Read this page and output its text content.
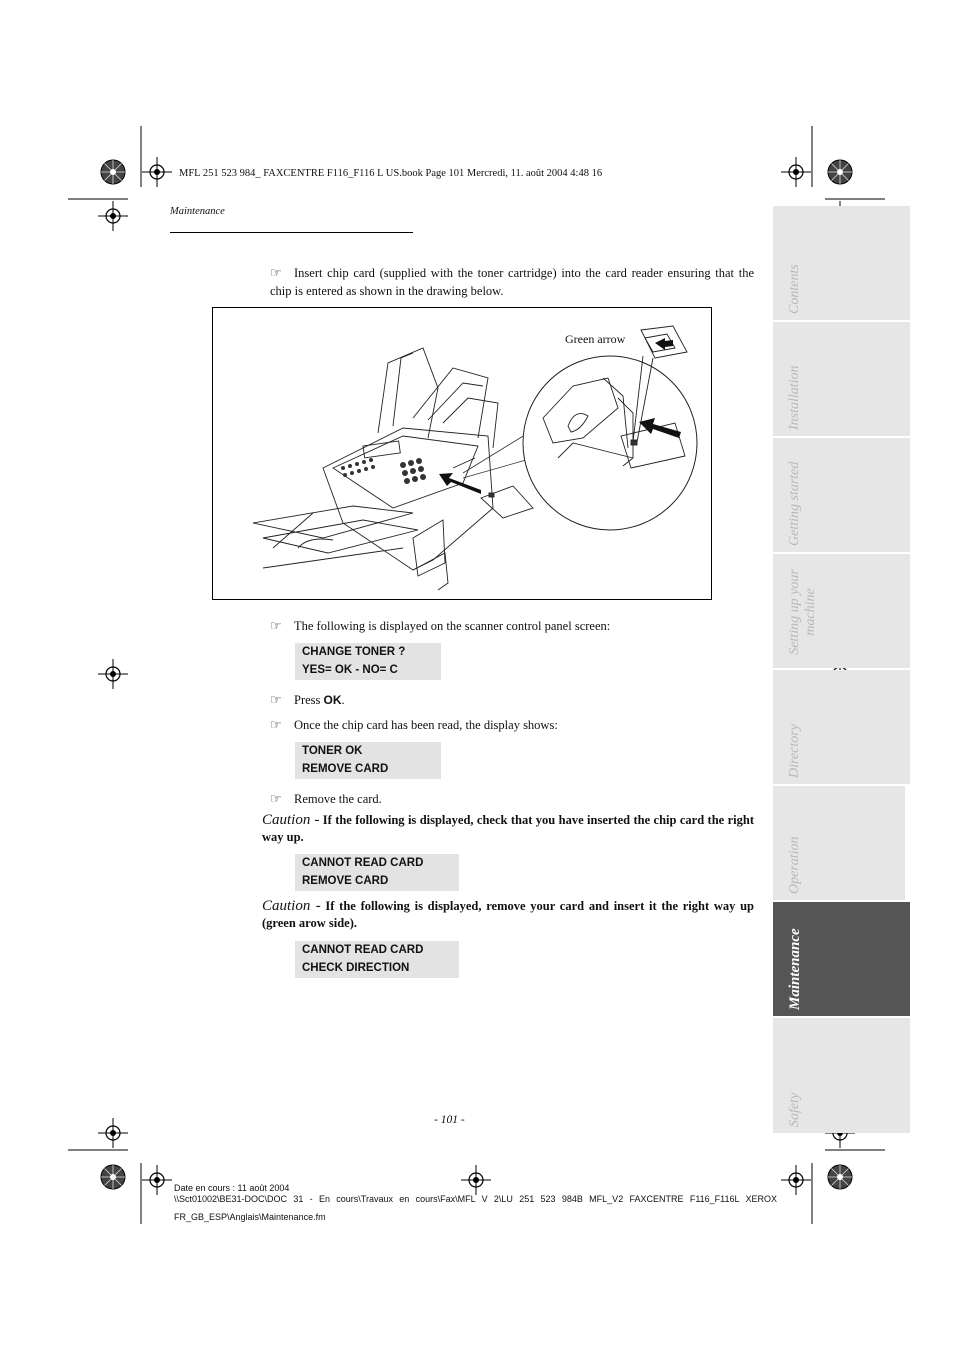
MFL 251 523 984_ FAXCENTRE F116_F116 L US.book Page 101 Mercredi, 11. août 2004 4:48 16
Maintenance
☞ Insert chip card (supplied with the toner cartridge) into the card reader ensuring that the chip is entered as shown in the drawing below.
Green arrow
☞ The following is displayed on the scanner control panel screen:
CHANGE TONER ?
YES= OK - NO= C
☞ Press OK.
☞ Once the chip card has been read, the display shows:
TONER OK
REMOVE CARD
☞ Remove the card.
Caution - If the following is displayed, check that you have inserted the chip card the right way up.
CANNOT READ CARD
REMOVE CARD
Caution - If the following is displayed, remove your card and insert it the right way up (green arow side).
CANNOT READ CARD
CHECK DIRECTION
Contents
Installation
Getting started
Setting up your machine
Directory
Operation
Maintenance
Safety
- 101 -
Date en cours : 11 août 2004
\\Sct01002\BE31-DOC\DOC 31 - En cours\Travaux en cours\Fax\MFL V 2\LU 251 523 984B MFL_V2 FAXCENTRE F116_F116L XEROX
FR_GB_ESP\Anglais\Maintenance.fm
